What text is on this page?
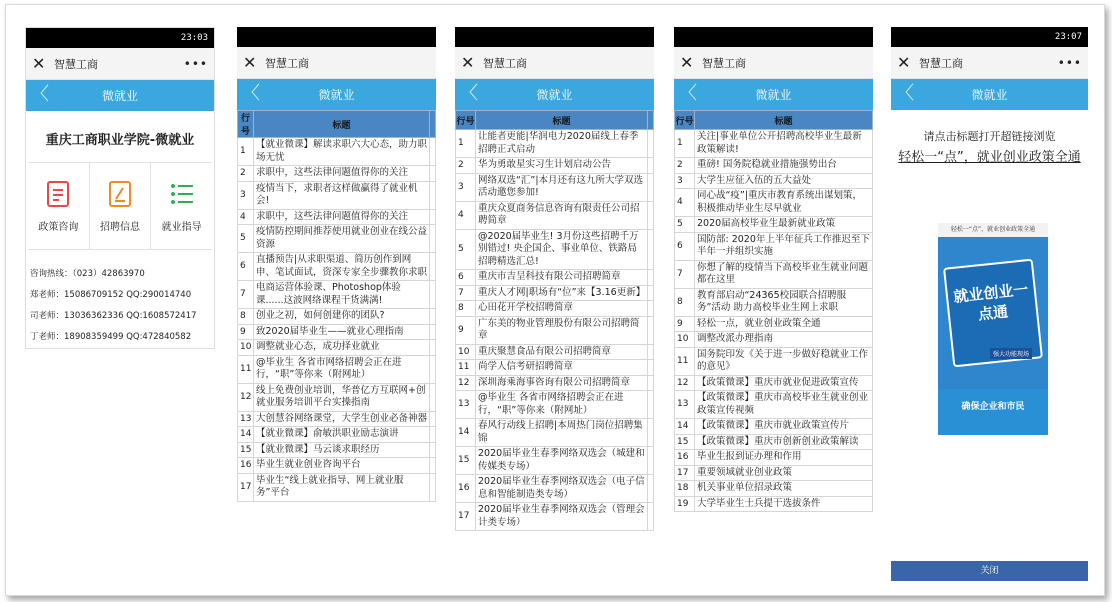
23:03
✕ 智慧工商	•••
〈	微就业
重庆工商职业学院-微就业
政策咨询 招聘信息 就业指导
咨询热线：（023）42863970
郑老师：15086709152 QQ:290014740
司老师：13036362336 QQ:1608572417
丁老师：18908359499 QQ:472840582
✕ 智慧工商
〈	微就业
行号	标题	
1	【就业微课】解读求职六大心态，助力职场无忧	
2	求职中，这些法律问题值得你的关注	
3	疫情当下，求职者这样做赢得了就业机会!	
4	求职中，这些法律问题值得你的关注	
5	疫情防控期间推荐使用就业创业在线公益资源	
6	直播预告|从求职渠道、简历创作到网申、笔试面试，资深专家全步骤教你求职	
7	电商运营体验课、Photoshop体验课......这波网络课程干货满满!	
8	创业之初，如何创建你的团队?	
9	致2020届毕业生——就业心理指南	
10	调整就业心态，成功择业就业	
11	@毕业生 各省市网络招聘会正在进行，“职”等你来（附网址）	
12	线上免费创业培训，华普亿方互联网+创就业服务培训平台实操指南	
13	大创慧谷网络课堂，大学生创业必备神器	
14	【就业微课】俞敏洪职业励志演讲	
15	【就业微课】马云谈求职经历	
16	毕业生就业创业咨询平台	
17	毕业生“线上就业指导、网上就业服务”平台	
✕ 智慧工商
〈	微就业
行号	标题	
1	让能者更能|华润电力2020届线上春季招聘正式启动	
2	华为勇敢星实习生计划启动公告	
3	网络双选“汇”|本月还有这九所大学双选活动邀您参加!	
4	重庆众夏商务信息咨询有限责任公司招聘简章	
5	@2020届毕业生! 3月份这些招聘千万别错过! 央企国企、事业单位、铁路局招聘精选汇总!	
6	重庆市吉呈科技有限公司招聘简章	
7	重庆人才网|职场有“位”来【3.16更新】	
8	心田花开学校招聘简章	
9	广东美的物业管理股份有限公司招聘简章	
10	重庆聚慧食品有限公司招聘简章	
11	尚学人信考研招聘简章	
12	深圳海乘海事咨询有限公司招聘简章	
13	@毕业生 各省市网络招聘会正在进行，“职”等你来（附网址）	
14	春风行动线上招聘|本周热门岗位招聘集锦	
15	2020届毕业生春季网络双选会（城建和传媒类专场）	
16	2020届毕业生春季网络双选会（电子信息和智能制造类专场）	
17	2020届毕业生春季网络双选会（管理会计类专场）	
✕ 智慧工商
〈	微就业
行号	标题
1	关注|事业单位公开招聘高校毕业生最新政策解读!
2	重磅! 国务院稳就业措施强势出台
3	大学生应征入伍的五大益处
4	同心战“疫”|重庆市教育系统出谋划策，积极推动毕业生尽早就业
5	2020届高校毕业生最新就业政策
6	国防部: 2020年上半年征兵工作推迟至下半年一并组织实施
7	你想了解的疫情当下高校毕业生就业问题都在这里
8	教育部启动“24365校园联合招聘服务”活动 助力高校毕业生网上求职
9	轻松一点，就业创业政策全通
10	调整改派办理指南
11	国务院印发《关于进一步做好稳就业工作的意见》
12	【政策微课】重庆市就业促进政策宣传
13	【政策微课】重庆市高校毕业生就业创业政策宣传视频
14	【政策微课】重庆市就业政策宣传片
15	【政策微课】重庆市创新创业政策解读
16	毕业生报到证办理和作用
17	重要领域就业创业政策
18	机关事业单位招录政策
19	大学毕业生士兵提干选拔条件
23:07
✕ 智慧工商	•••
〈	微就业
请点击标题打开超链接浏览
轻松一“点”，就业创业政策全通
轻松一“点”，就业创业政策全通
就业创业一点通
强大功能现场
确保企业和市民
关闭
